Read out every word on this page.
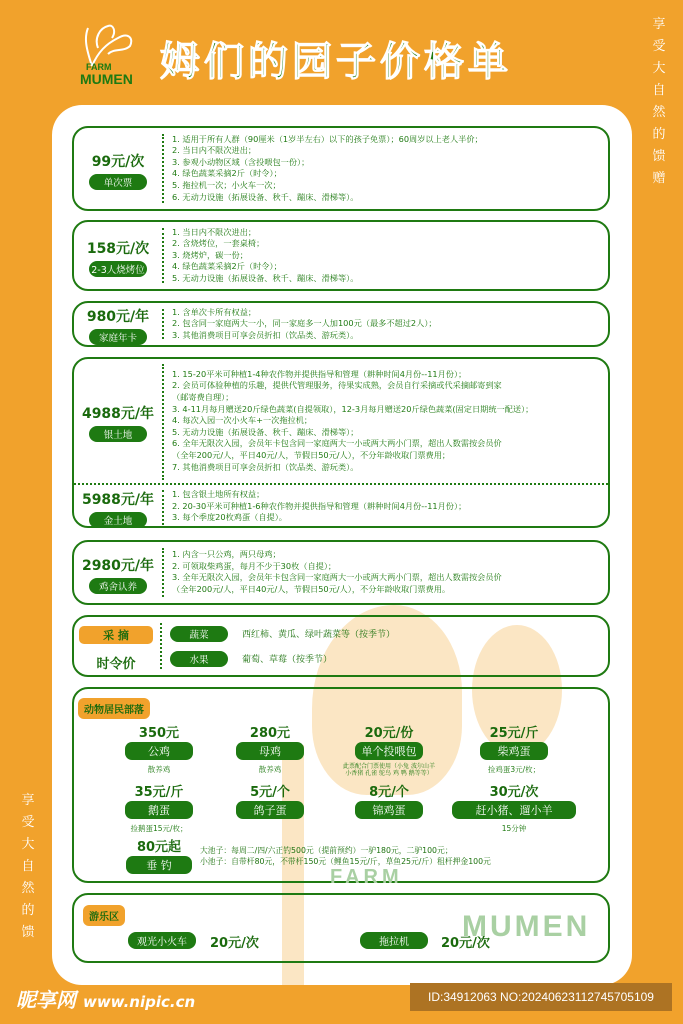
FARM
MUMEN 姆们的园子价格单
享
受
大
自
然
的
馈
赠
享
受
大
自
然
的
馈
99元/次
单次票
1. 适用于所有人群（90厘米（1岁半左右）以下的孩子免票）；60周岁以上老人半价；
2. 当日内不限次进出；
3. 参观小动物区域（含投喂包一份）；
4. 绿色蔬菜采摘2斤（时令）；
5. 拖拉机一次；小火车一次；
6. 无动力设施（拓展设备、秋千、蹦床、滑梯等）。
158元/次
2-3人烧烤位
1. 当日内不限次进出；
2. 含烧烤位，一套桌椅；
3. 烧烤炉，碳一份；
4. 绿色蔬菜采摘2斤（时令）；
5. 无动力设施（拓展设备、秋千、蹦床、滑梯等）。
980元/年
家庭年卡
1. 含单次卡所有权益；
2. 包含同一家庭两大一小，同一家庭多一人加100元（最多不超过2人）；
3. 其他消费项目可享会员折扣（饮品类、游玩类）。
4988元/年
银土地
1. 15-20平米可种植1-4种农作物并提供指导和管理（耕种时间4月份--11月份）；
2. 会员可体验种植的乐趣，提供代管理服务，待果实成熟，会员自行采摘或代采摘邮寄到家
（邮寄费自理）；
3. 4-11月每月赠送20斤绿色蔬菜(自提领取），12-3月每月赠送20斤绿色蔬菜(固定日期统一配送）；
4. 每次入园一次小火车+一次拖拉机；
5. 无动力设施（拓展设备、秋千、蹦床、滑梯等）；
6. 全年无限次入园，会员年卡包含同一家庭两大一小或两大两小门票，超出人数需按会员价
（全年200元/人，平日40元/人，节假日50元/人），不分年龄收取门票费用；
7. 其他消费项目可享会员折扣（饮品类、游玩类）。
5988元/年
金土地
1. 包含银土地所有权益；
2. 20-30平米可种植1-6种农作物并提供指导和管理（耕种时间4月份--11月份）；
3. 每个季度20枚鸡蛋（自提）。
2980元/年
鸡舍认养
1. 内含一只公鸡，两只母鸡；
2. 可领取柴鸡蛋，每月不少于30枚（自提）；
3. 全年无限次入园，会员年卡包含同一家庭两大一小或两大两小门票，超出人数需按会员价
（全年200元/人，平日40元/人，节假日50元/人），不分年龄收取门票费用。
采 摘
时令价
蔬菜	西红柿、黄瓜、绿叶蔬菜等（按季节）
水果	葡萄、草莓（按季节）
动物居民部落
350元
公鸡
散养鸡
280元
母鸡
散养鸡
20元/份
单个投喂包
此票配合门票使用（小兔 波尔山羊 小香猪 孔雀 鸵鸟 鸡 鸭 鹅等等）
25元/斤
柴鸡蛋
捡鸡蛋3元/枚；
35元/斤
鹅蛋
捡鹅蛋15元/枚；
5元/个
鸽子蛋
8元/个
锦鸡蛋
30元/次
赶小猪、遛小羊
15分钟
80元起
垂 钓
大池子：每周二/四/六正钓500元（提前预约）一驴180元，二驴100元；
小池子：自带杆80元，不带杆150元（鲤鱼15元/斤，草鱼25元/斤）租杆押金100元
游乐区
观光小火车	20元/次	拖拉机	20元/次
FARM
MUMEN
昵享网 www.nipic.cn	ID:34912063 NO:20240623112745705109
